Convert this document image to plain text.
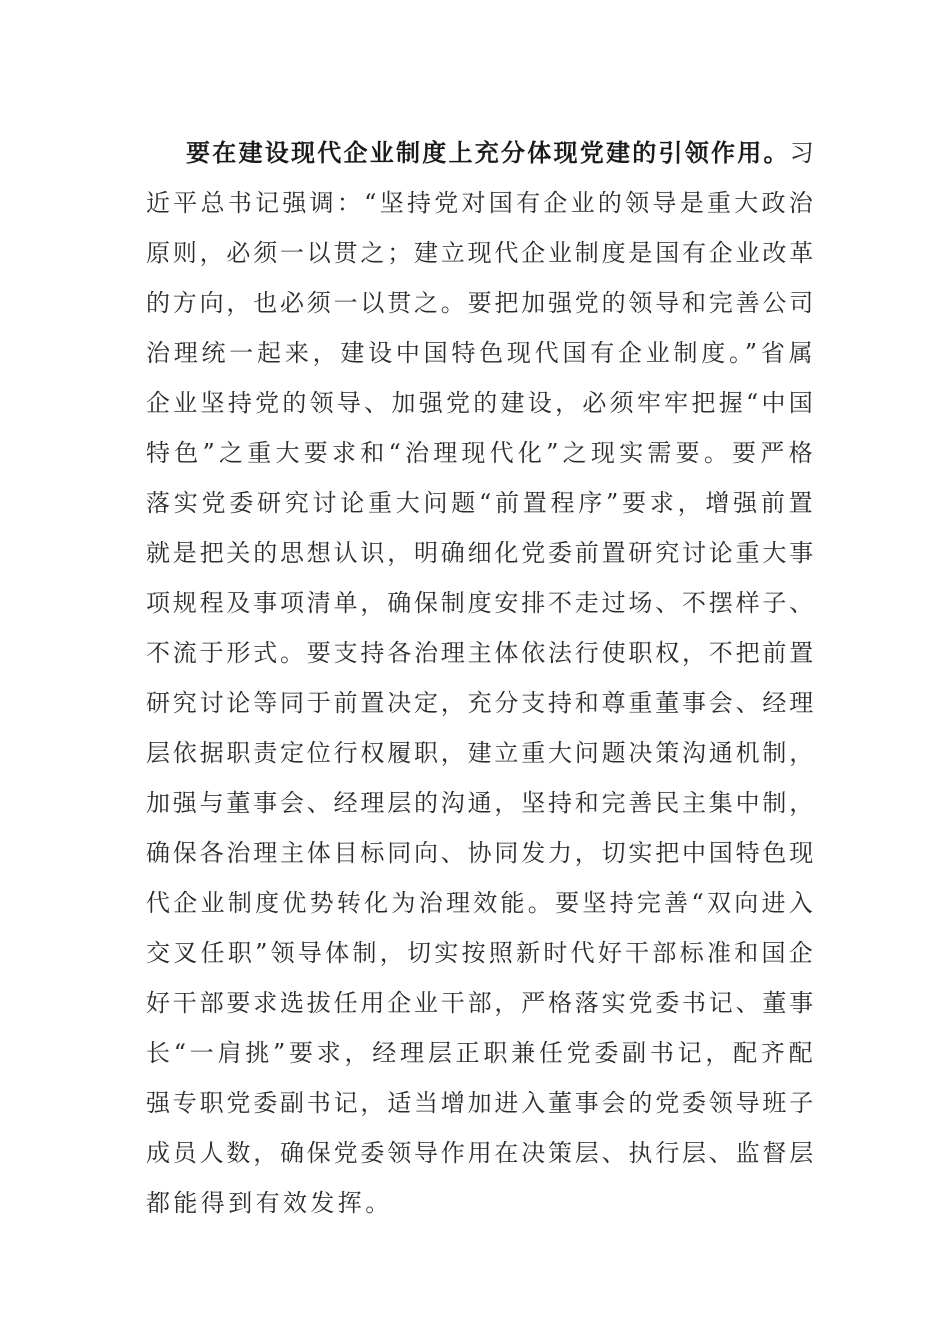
要在建设现代企业制度上充分体现党建的引领作用。习
近平总书记强调：“坚持党对国有企业的领导是重大政治
原则，必须一以贯之；建立现代企业制度是国有企业改革
的方向，也必须一以贯之。要把加强党的领导和完善公司
治理统一起来，建设中国特色现代国有企业制度。”省属
企业坚持党的领导、加强党的建设，必须牢牢把握“中国
特色”之重大要求和“治理现代化”之现实需要。要严格
落实党委研究讨论重大问题“前置程序”要求，增强前置
就是把关的思想认识，明确细化党委前置研究讨论重大事
项规程及事项清单，确保制度安排不走过场、不摆样子、
不流于形式。要支持各治理主体依法行使职权，不把前置
研究讨论等同于前置决定，充分支持和尊重董事会、经理
层依据职责定位行权履职，建立重大问题决策沟通机制，
加强与董事会、经理层的沟通，坚持和完善民主集中制，
确保各治理主体目标同向、协同发力，切实把中国特色现
代企业制度优势转化为治理效能。要坚持完善“双向进入
交叉任职”领导体制，切实按照新时代好干部标准和国企
好干部要求选拔任用企业干部，严格落实党委书记、董事
长“一肩挑”要求，经理层正职兼任党委副书记，配齐配
强专职党委副书记，适当增加进入董事会的党委领导班子
成员人数，确保党委领导作用在决策层、执行层、监督层
都能得到有效发挥。
